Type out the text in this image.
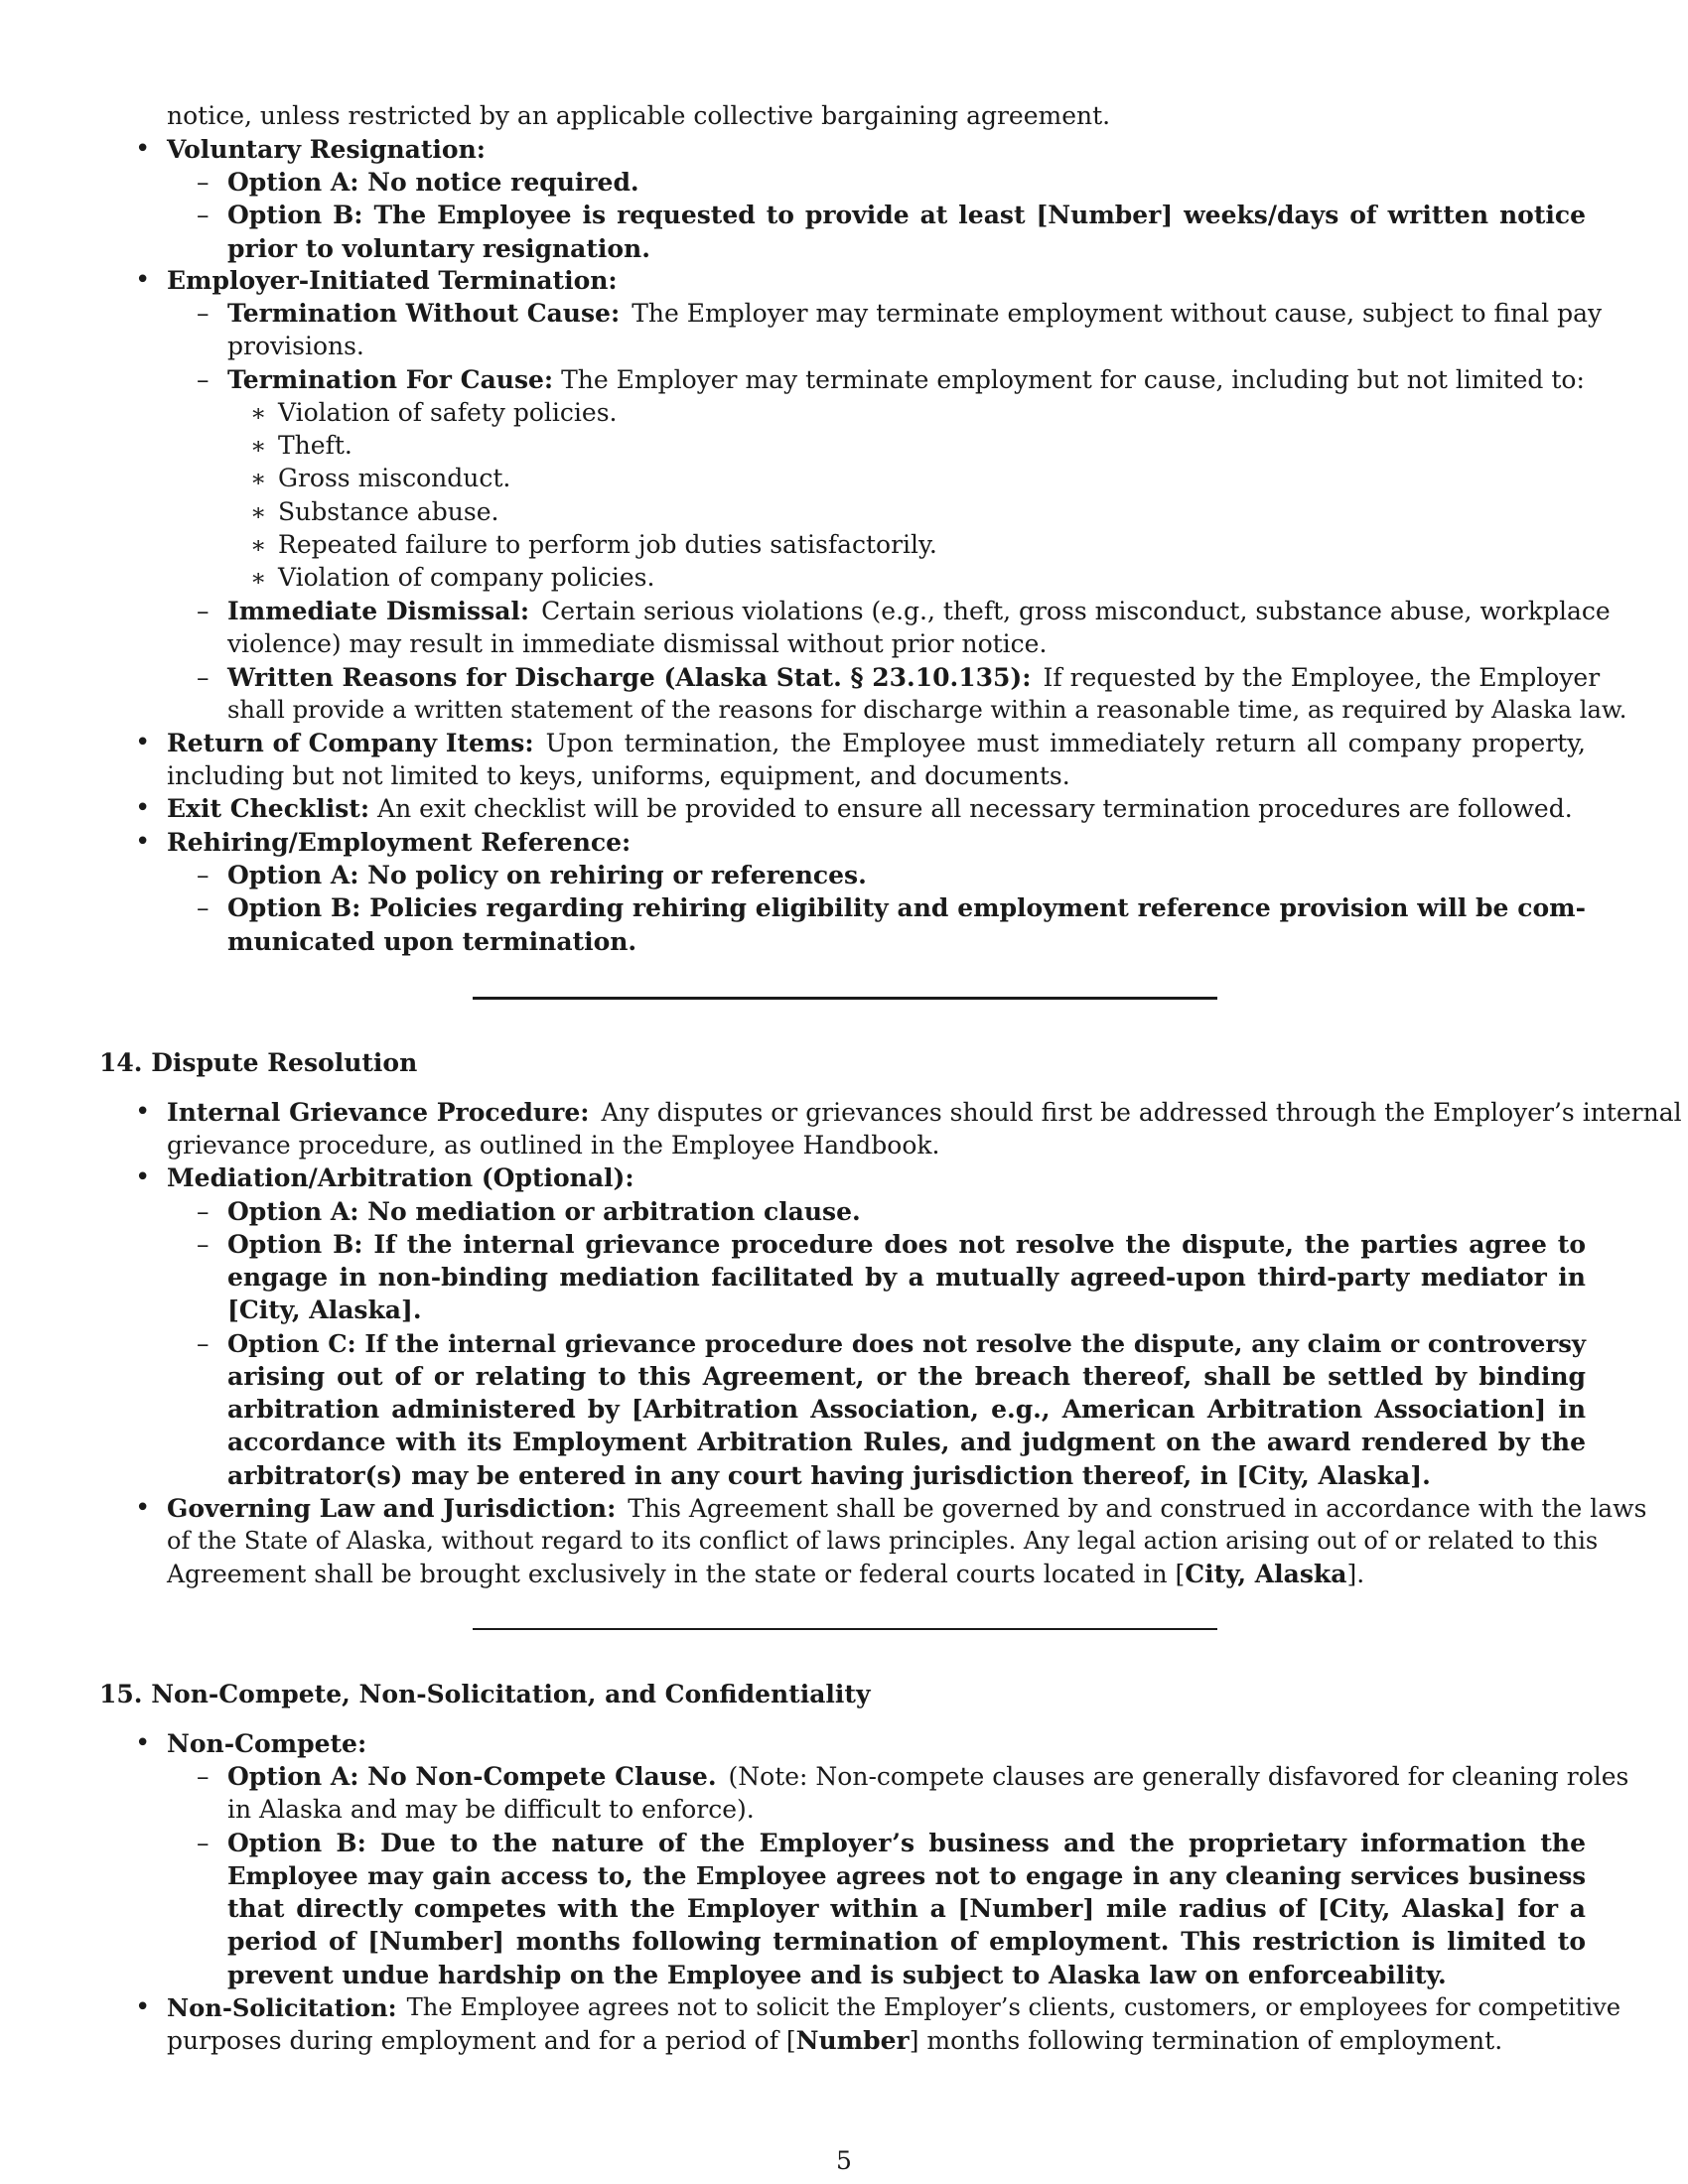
notice, unless restricted by an applicable collective bargaining agreement.
• Voluntary Resignation:
– Option A: No notice required.
– Option B: The Employee is requested to provide at least [Number] weeks/days of written notice
prior to voluntary resignation.
• Employer-Initiated Termination:
– Termination Without Cause: The Employer may terminate employment without cause, subject to final pay
provisions.
– Termination For Cause: The Employer may terminate employment for cause, including but not limited to:
∗ Violation of safety policies.
∗ Theft.
∗ Gross misconduct.
∗ Substance abuse.
∗ Repeated failure to perform job duties satisfactorily.
∗ Violation of company policies.
– Immediate Dismissal: Certain serious violations (e.g., theft, gross misconduct, substance abuse, workplace
violence) may result in immediate dismissal without prior notice.
– Written Reasons for Discharge (Alaska Stat. § 23.10.135): If requested by the Employee, the Employer
shall provide a written statement of the reasons for discharge within a reasonable time, as required by Alaska law.
• Return of Company Items: Upon termination, the Employee must immediately return all company property,
including but not limited to keys, uniforms, equipment, and documents.
• Exit Checklist: An exit checklist will be provided to ensure all necessary termination procedures are followed.
• Rehiring/Employment Reference:
– Option A: No policy on rehiring or references.
– Option B: Policies regarding rehiring eligibility and employment reference provision will be com-
municated upon termination.
14. Dispute Resolution
• Internal Grievance Procedure: Any disputes or grievances should first be addressed through the Employer’s internal
grievance procedure, as outlined in the Employee Handbook.
• Mediation/Arbitration (Optional):
– Option A: No mediation or arbitration clause.
– Option B: If the internal grievance procedure does not resolve the dispute, the parties agree to
engage in non-binding mediation facilitated by a mutually agreed-upon third-party mediator in
[City, Alaska].
– Option C: If the internal grievance procedure does not resolve the dispute, any claim or controversy
arising out of or relating to this Agreement, or the breach thereof, shall be settled by binding
arbitration administered by [Arbitration Association, e.g., American Arbitration Association] in
accordance with its Employment Arbitration Rules, and judgment on the award rendered by the
arbitrator(s) may be entered in any court having jurisdiction thereof, in [City, Alaska].
• Governing Law and Jurisdiction: This Agreement shall be governed by and construed in accordance with the laws
of the State of Alaska, without regard to its conflict of laws principles. Any legal action arising out of or related to this
Agreement shall be brought exclusively in the state or federal courts located in [City, Alaska].
15. Non-Compete, Non-Solicitation, and Confidentiality
• Non-Compete:
– Option A: No Non-Compete Clause. (Note: Non-compete clauses are generally disfavored for cleaning roles
in Alaska and may be difficult to enforce).
– Option B: Due to the nature of the Employer’s business and the proprietary information the
Employee may gain access to, the Employee agrees not to engage in any cleaning services business
that directly competes with the Employer within a [Number] mile radius of [City, Alaska] for a
period of [Number] months following termination of employment. This restriction is limited to
prevent undue hardship on the Employee and is subject to Alaska law on enforceability.
• Non-Solicitation: The Employee agrees not to solicit the Employer’s clients, customers, or employees for competitive
purposes during employment and for a period of [Number] months following termination of employment.
5
